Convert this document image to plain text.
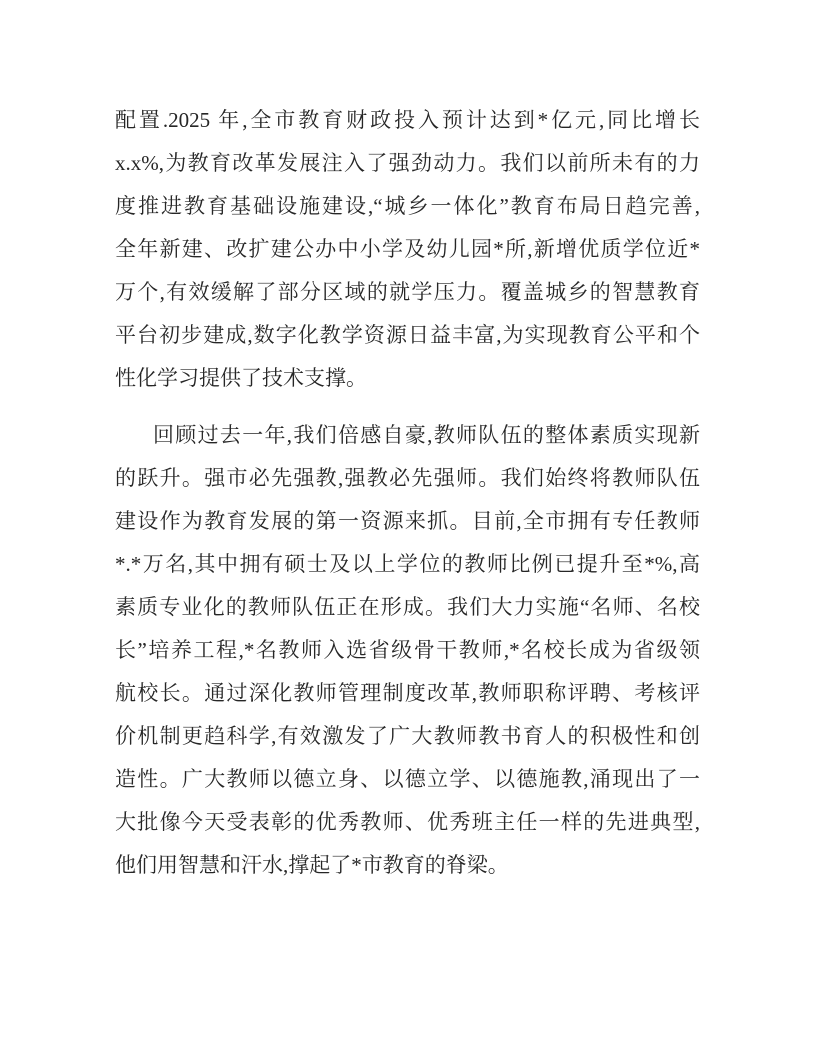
配置.2025 年,全市教育财政投入预计达到*亿元,同比增长
x.x%,为教育改革发展注入了强劲动力。我们以前所未有的力
度推进教育基础设施建设,“城乡一体化”教育布局日趋完善,
全年新建、改扩建公办中小学及幼儿园*所,新增优质学位近*
万个,有效缓解了部分区域的就学压力。覆盖城乡的智慧教育
平台初步建成,数字化教学资源日益丰富,为实现教育公平和个
性化学习提供了技术支撑。
回顾过去一年,我们倍感自豪,教师队伍的整体素质实现新
的跃升。强市必先强教,强教必先强师。我们始终将教师队伍
建设作为教育发展的第一资源来抓。目前,全市拥有专任教师
*.*万名,其中拥有硕士及以上学位的教师比例已提升至*%,高
素质专业化的教师队伍正在形成。我们大力实施“名师、名校
长”培养工程,*名教师入选省级骨干教师,*名校长成为省级领
航校长。通过深化教师管理制度改革,教师职称评聘、考核评
价机制更趋科学,有效激发了广大教师教书育人的积极性和创
造性。广大教师以德立身、以德立学、以德施教,涌现出了一
大批像今天受表彰的优秀教师、优秀班主任一样的先进典型,
他们用智慧和汗水,撑起了*市教育的脊梁。
